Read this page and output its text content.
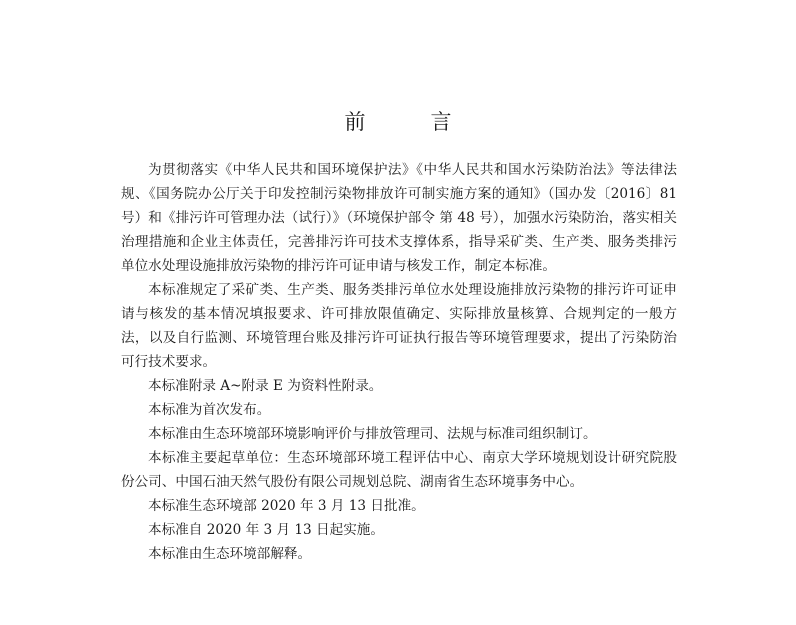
前　言

为贯彻落实《中华人民共和国环境保护法》《中华人民共和国水污染防治法》等法律法规、《国务院办公厅关于印发控制污染物排放许可制实施方案的通知》（国办发〔2016〕81号）和《排污许可管理办法（试行）》（环境保护部令 第 48 号），加强水污染防治，落实相关治理措施和企业主体责任，完善排污许可技术支撑体系，指导采矿类、生产类、服务类排污单位水处理设施排放污染物的排污许可证申请与核发工作，制定本标准。

本标准规定了采矿类、生产类、服务类排污单位水处理设施排放污染物的排污许可证申请与核发的基本情况填报要求、许可排放限值确定、实际排放量核算、合规判定的一般方法，以及自行监测、环境管理台账及排污许可证执行报告等环境管理要求，提出了污染防治可行技术要求。

本标准附录 A~附录 E 为资料性附录。

本标准为首次发布。

本标准由生态环境部环境影响评价与排放管理司、法规与标准司组织制订。

本标准主要起草单位：生态环境部环境工程评估中心、南京大学环境规划设计研究院股份公司、中国石油天然气股份有限公司规划总院、湖南省生态环境事务中心。

本标准生态环境部 2020 年 3 月 13 日批准。

本标准自 2020 年 3 月 13 日起实施。

本标准由生态环境部解释。
